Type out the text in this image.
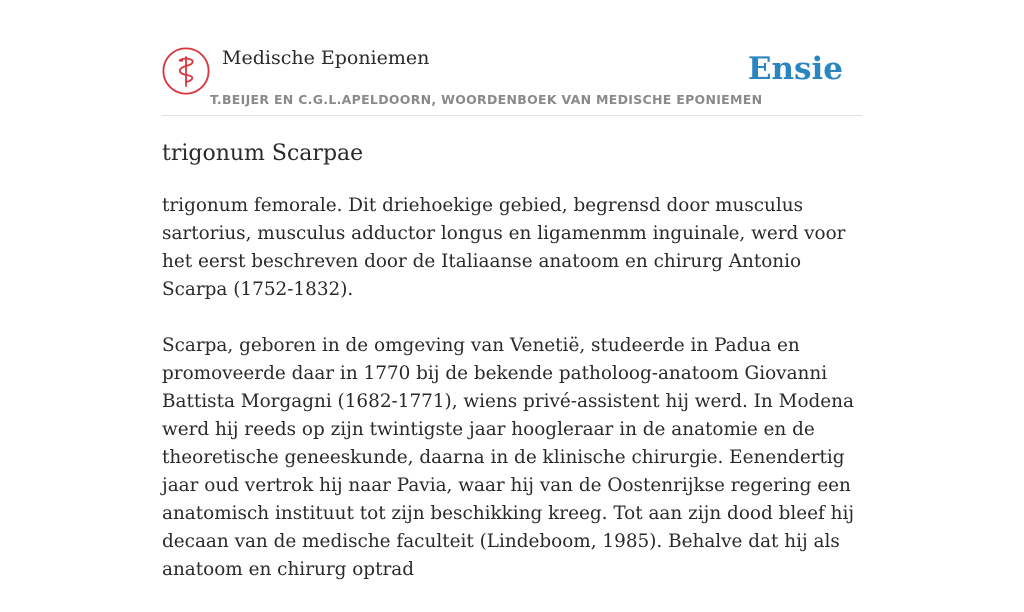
Medische Eponiemen
T.BEIJER EN C.G.L.APELDOORN, WOORDENBOEK VAN MEDISCHE EPONIEMEN
Ensie
trigonum Scarpae

trigonum femorale. Dit driehoekige gebied, begrensd door musculus sartorius, musculus adductor longus en ligamenmm inguinale, werd voor het eerst beschreven door de Italiaanse anatoom en chirurg Antonio Scarpa (1752-1832).

Scarpa, geboren in de omgeving van Venetië, studeerde in Padua en promoveerde daar in 1770 bij de bekende patholoog-anatoom Giovanni Battista Morgagni (1682-1771), wiens privé-assistent hij werd. In Modena werd hij reeds op zijn twintigste jaar hoogleraar in de anatomie en de theoretische geneeskunde, daarna in de klinische chirurgie. Eenendertig jaar oud vertrok hij naar Pavia, waar hij van de Oostenrijkse regering een anatomisch instituut tot zijn beschikking kreeg. Tot aan zijn dood bleef hij decaan van de medische faculteit (Lindeboom, 1985). Behalve dat hij als anatoom en chirurg optrad
